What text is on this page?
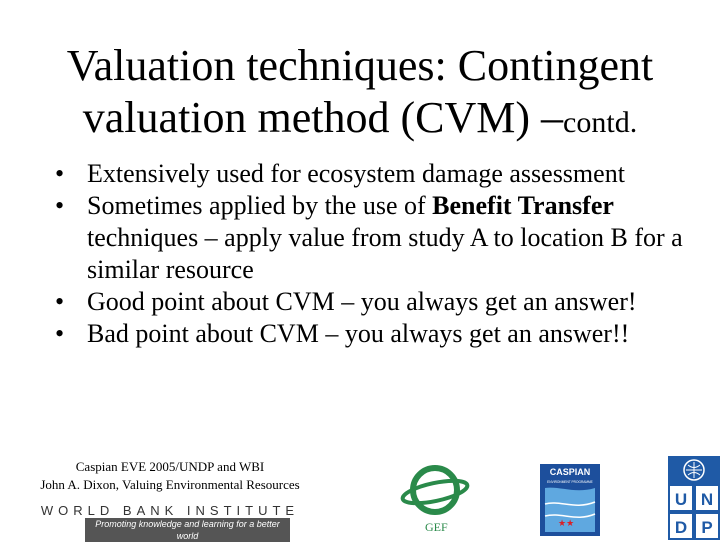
Valuation techniques: Contingent
valuation method (CVM) –contd.
• Extensively used for ecosystem damage assessment
• Sometimes applied by the use of Benefit Transfer techniques – apply value from study A to location B for a similar resource
• Good point about CVM – you always get an answer!
• Bad point about CVM – you always get an answer!!
Caspian EVE 2005/UNDP and WBI
John A. Dixon, Valuing Environmental Resources
WORLD BANK INSTITUTE
Promoting knowledge and learning for a better world
GEF
CASPIAN
ENVIRONMENT PROGRAMME
★★
U N
D P
